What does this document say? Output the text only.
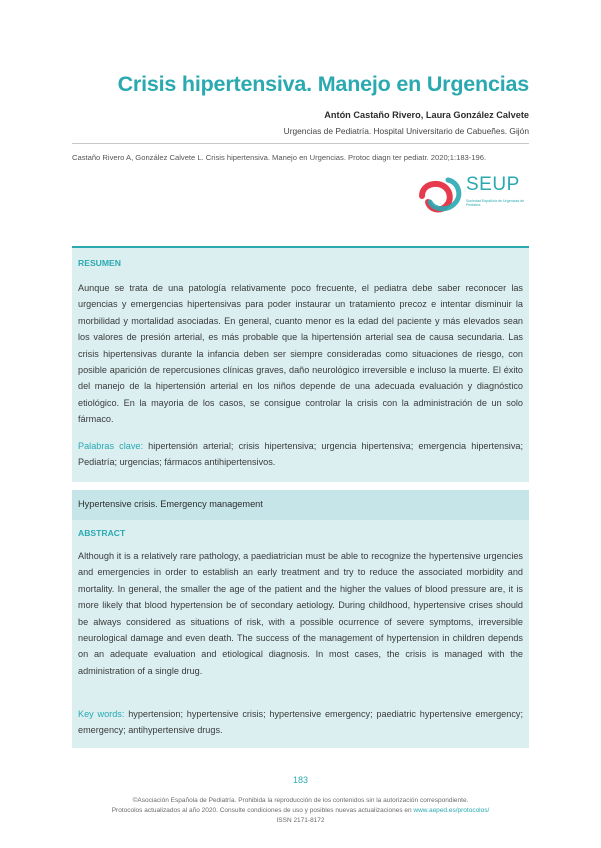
Crisis hipertensiva. Manejo en Urgencias
Antón Castaño Rivero, Laura González Calvete
Urgencias de Pediatría. Hospital Universitario de Cabueñes. Gijón
Castaño Rivero A, González Calvete L. Crisis hipertensiva. Manejo en Urgencias. Protoc diagn ter pediatr. 2020;1:183-196.
SEUP
Sociedad Española de Urgencias de Pediatría
RESUMEN

Aunque se trata de una patología relativamente poco frecuente, el pediatra debe saber reconocer las urgencias y emergencias hipertensivas para poder instaurar un tratamiento precoz e intentar disminuir la morbilidad y mortalidad asociadas. En general, cuanto menor es la edad del paciente y más elevados sean los valores de presión arterial, es más probable que la hipertensión arterial sea de causa secundaria. Las crisis hipertensivas durante la infancia deben ser siempre consideradas como situaciones de riesgo, con posible aparición de repercusiones clínicas graves, daño neurológico irreversible e incluso la muerte. El éxito del manejo de la hipertensión arterial en los niños depende de una adecuada evaluación y diagnóstico etiológico. En la mayoria de los casos, se consigue controlar la crisis con la administración de un solo fármaco.

Palabras clave: hipertensión arterial; crisis hipertensiva; urgencia hipertensiva; emergencia hipertensiva; Pediatría; urgencias; fármacos antihipertensivos.

Hypertensive crisis. Emergency management
ABSTRACT

Although it is a relatively rare pathology, a paediatrician must be able to recognize the hypertensive urgencies and emergencies in order to establish an early treatment and try to reduce the associated morbidity and mortality. In general, the smaller the age of the patient and the higher the values of blood pressure are, it is more likely that blood hypertension be of secondary aetiology. During childhood, hypertensive crises should be always considered as situations of risk, with a possible ocurrence of severe symptoms, irreversible neurological damage and even death. The success of the management of hypertension in children depends on an adequate evaluation and etiological diagnosis. In most cases, the crisis is managed with the administration of a single drug.

Key words: hypertension; hypertensive crisis; hypertensive emergency; paediatric hypertensive emergency; emergency; antihypertensive drugs.

183
©Asociación Española de Pediatría. Prohibida la reproducción de los contenidos sin la autorización correspondiente.
Protocolos actualizados al año 2020. Consulte condiciones de uso y posibles nuevas actualizaciones en www.aeped.es/protocolos/
ISSN 2171-8172
